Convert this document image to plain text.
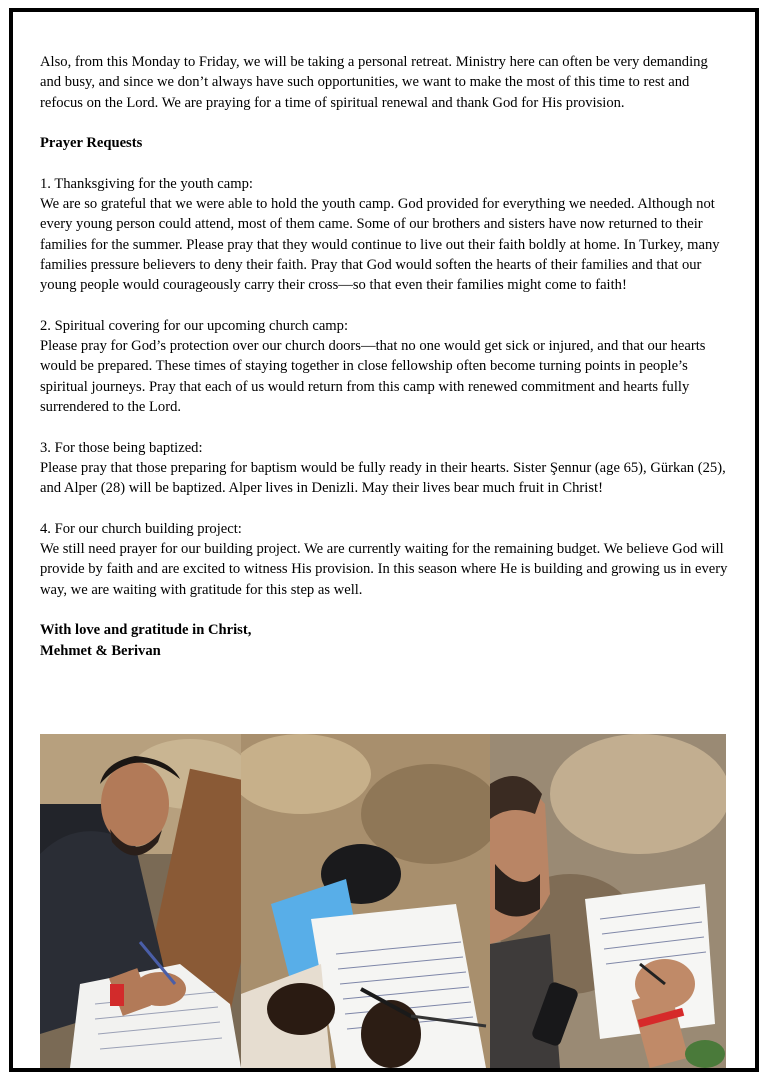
Also, from this Monday to Friday, we will be taking a personal retreat. Ministry here can often be very demanding and busy, and since we don’t always have such opportunities, we want to make the most of this time to rest and refocus on the Lord. We are praying for a time of spiritual renewal and thank God for His provision.

Prayer Requests

1. Thanksgiving for the youth camp:
We are so grateful that we were able to hold the youth camp. God provided for everything we needed. Although not every young person could attend, most of them came. Some of our brothers and sisters have now returned to their families for the summer. Please pray that they would continue to live out their faith boldly at home. In Turkey, many families pressure believers to deny their faith. Pray that God would soften the hearts of their families and that our young people would courageously carry their cross—so that even their families might come to faith!

2. Spiritual covering for our upcoming church camp:
Please pray for God’s protection over our church doors—that no one would get sick or injured, and that our hearts would be prepared. These times of staying together in close fellowship often become turning points in people’s spiritual journeys. Pray that each of us would return from this camp with renewed commitment and hearts fully surrendered to the Lord.

3. For those being baptized:
Please pray that those preparing for baptism would be fully ready in their hearts. Sister Şennur (age 65), Gürkan (25), and Alper (28) will be baptized. Alper lives in Denizli. May their lives bear much fruit in Christ!

4. For our church building project:
We still need prayer for our building project. We are currently waiting for the remaining budget. We believe God will provide by faith and are excited to witness His provision. In this season where He is building and growing us in every way, we are waiting with gratitude for this step as well.

With love and gratitude in Christ,
Mehmet & Berivan
